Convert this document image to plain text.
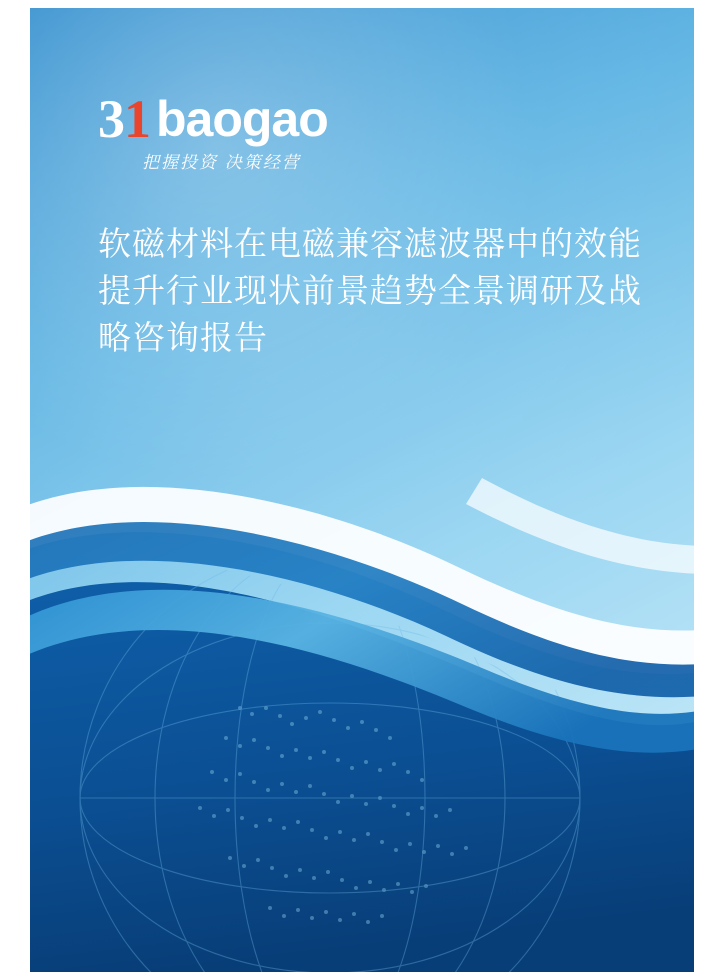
31 baogao
把握投资 决策经营
软磁材料在电磁兼容滤波器中的效能提升行业现状前景趋势全景调研及战略咨询报告
